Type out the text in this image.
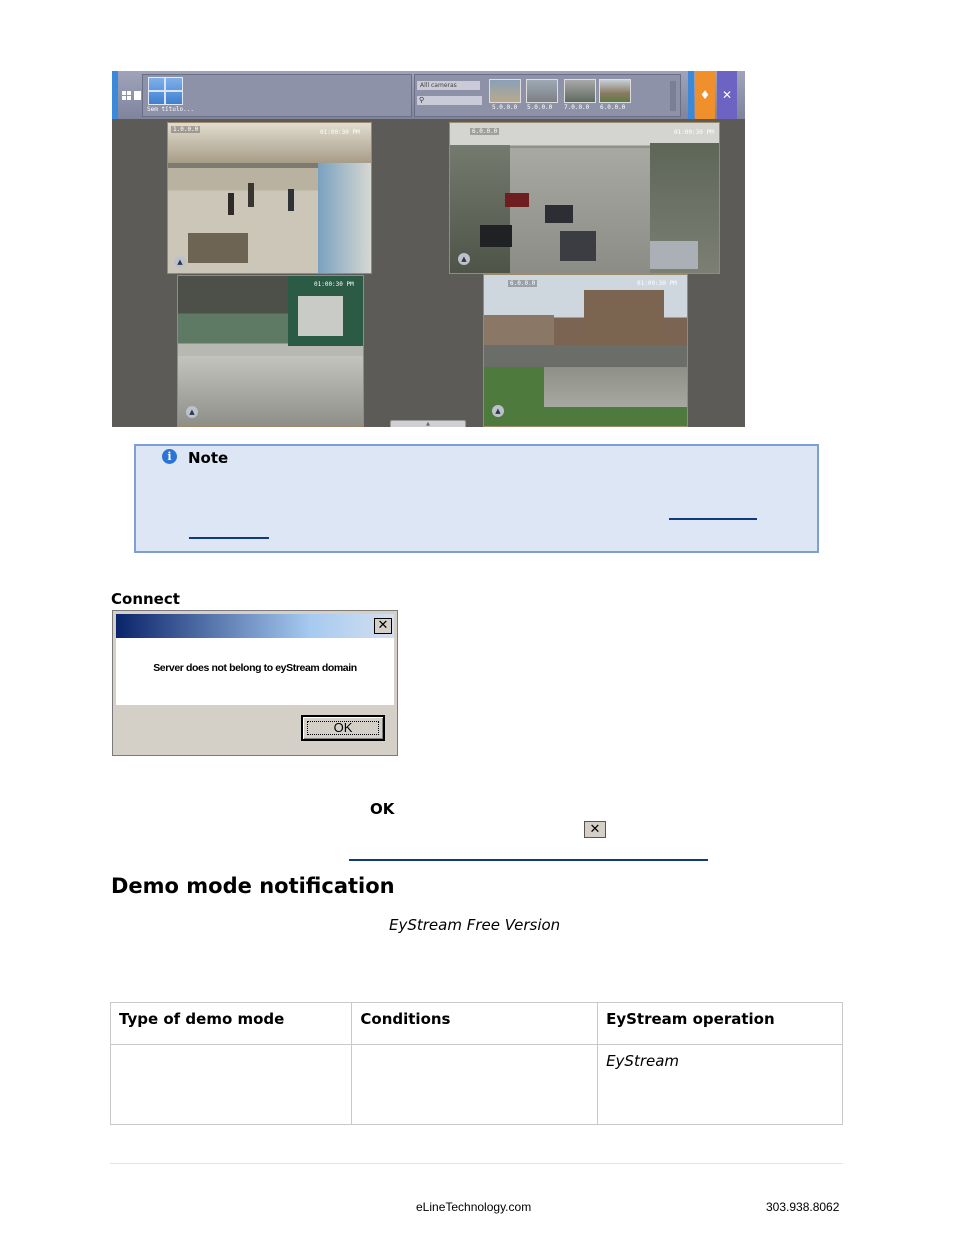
Sem título...
Alll cameras
⚲
5.0.0.0 5.0.0.0 7.0.0.0 6.0.0.0
♦ ✕
1.0.0.0	01:00:30 PM
▲
6.0.0.0	01:00:30 PM
▲
01:00:30 PM
▲
6.0.0.0	01:00:30 PM
▲
▲
i	Note
Connect
✕
Server does not belong to eyStream domain
OK
OK
✕
Demo mode notification
EyStream Free Version
Type of demo mode	Conditions	EyStream operation
		EyStream
eLineTechnology.com	303.938.8062
